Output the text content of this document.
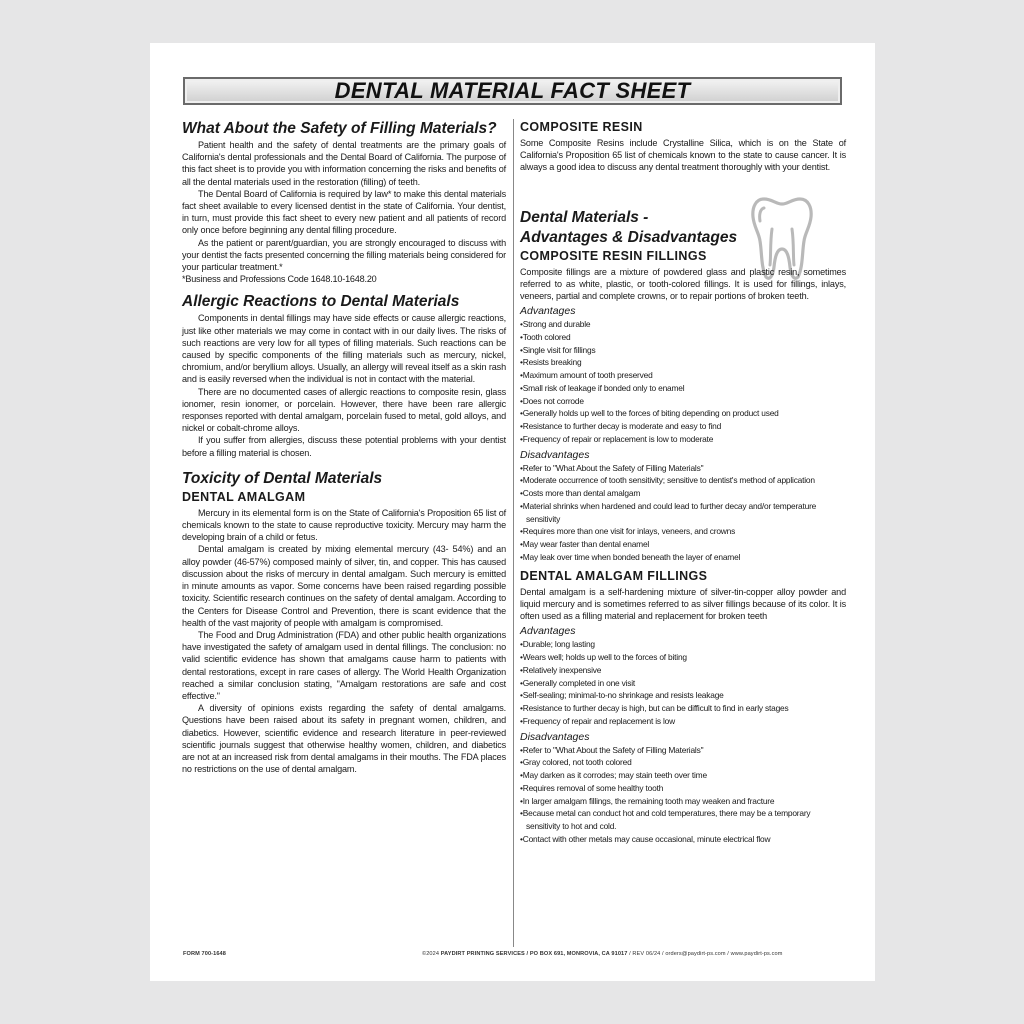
DENTAL MATERIAL FACT SHEET
What About the Safety of Filling Materials?

Patient health and the safety of dental treatments are the primary goals of California's dental professionals and the Dental Board of California. The purpose of this fact sheet is to provide you with information concerning the risks and benefits of all the dental materials used in the restoration (filling) of teeth.

The Dental Board of California is required by law* to make this dental materials fact sheet available to every licensed dentist in the state of California. Your dentist, in turn, must provide this fact sheet to every new patient and all patients of record only once before beginning any dental filling procedure.

As the patient or parent/guardian, you are strongly encouraged to discuss with your dentist the facts presented concerning the filling materials being considered for your particular treatment.*

*Business and Professions Code 1648.10-1648.20

Allergic Reactions to Dental Materials

Components in dental fillings may have side effects or cause allergic reactions, just like other materials we may come in contact with in our daily lives. The risks of such reactions are very low for all types of filling materials. Such reactions can be caused by specific components of the filling materials such as mercury, nickel, chromium, and/or beryllium alloys. Usually, an allergy will reveal itself as a skin rash and is easily reversed when the individual is not in contact with the material.

There are no documented cases of allergic reactions to composite resin, glass ionomer, resin ionomer, or porcelain. However, there have been rare allergic responses reported with dental amalgam, porcelain fused to metal, gold alloys, and nickel or cobalt-chrome alloys.

If you suffer from allergies, discuss these potential problems with your dentist before a filling material is chosen.

Toxicity of Dental Materials
DENTAL AMALGAM

Mercury in its elemental form is on the State of California's Proposition 65 list of chemicals known to the state to cause reproductive toxicity. Mercury may harm the developing brain of a child or fetus.

Dental amalgam is created by mixing elemental mercury (43- 54%) and an alloy powder (46-57%) composed mainly of silver, tin, and copper. This has caused discussion about the risks of mercury in dental amalgam. Such mercury is emitted in minute amounts as vapor. Some concerns have been raised regarding possible toxicity. Scientific research continues on the safety of dental amalgam. According to the Centers for Disease Control and Prevention, there is scant evidence that the health of the vast majority of people with amalgam is compromised.

The Food and Drug Administration (FDA) and other public health organizations have investigated the safety of amalgam used in dental fillings. The conclusion: no valid scientific evidence has shown that amalgams cause harm to patients with dental restorations, except in rare cases of allergy. The World Health Organization reached a similar conclusion stating, "Amalgam restorations are safe and cost effective."

A diversity of opinions exists regarding the safety of dental amalgams. Questions have been raised about its safety in pregnant women, children, and diabetics. However, scientific evidence and research literature in peer-reviewed scientific journals suggest that otherwise healthy women, children, and diabetics are not at an increased risk from dental amalgams in their mouths. The FDA places no restrictions on the use of dental amalgam.

COMPOSITE RESIN

Some Composite Resins include Crystalline Silica, which is on the State of California's Proposition 65 list of chemicals known to the state to cause cancer. It is always a good idea to discuss any dental treatment thoroughly with your dentist.

Dental Materials -
Advantages & Disadvantages
COMPOSITE RESIN FILLINGS

Composite fillings are a mixture of powdered glass and plastic resin, sometimes referred to as white, plastic, or tooth-colored fillings. It is used for fillings, inlays, veneers, partial and complete crowns, or to repair portions of broken teeth.

Advantages
• Strong and durable
• Tooth colored
• Single visit for fillings
• Resists breaking
• Maximum amount of tooth preserved
• Small risk of leakage if bonded only to enamel
• Does not corrode
• Generally holds up well to the forces of biting depending on product used
• Resistance to further decay is moderate and easy to find
• Frequency of repair or replacement is low to moderate
Disadvantages
• Refer to "What About the Safety of Filling Materials"
• Moderate occurrence of tooth sensitivity; sensitive to dentist's method of application
• Costs more than dental amalgam
• Material shrinks when hardened and could lead to further decay and/or temperature sensitivity
• Requires more than one visit for inlays, veneers, and crowns
• May wear faster than dental enamel
• May leak over time when bonded beneath the layer of enamel
DENTAL AMALGAM FILLINGS

Dental amalgam is a self-hardening mixture of silver-tin-copper alloy powder and liquid mercury and is sometimes referred to as silver fillings because of its color. It is often used as a filling material and replacement for broken teeth

Advantages
• Durable; long lasting
• Wears well; holds up well to the forces of biting
• Relatively inexpensive
• Generally completed in one visit
• Self-sealing; minimal-to-no shrinkage and resists leakage
• Resistance to further decay is high, but can be difficult to find in early stages
• Frequency of repair and replacement is low
Disadvantages
• Refer to "What About the Safety of Filling Materials"
• Gray colored, not tooth colored
• May darken as it corrodes; may stain teeth over time
• Requires removal of some healthy tooth
• In larger amalgam fillings, the remaining tooth may weaken and fracture
• Because metal can conduct hot and cold temperatures, there may be a temporary sensitivity to hot and cold.
• Contact with other metals may cause occasional, minute electrical flow
FORM 700-1648	©2024 PAYDIRT PRINTING SERVICES / PO BOX 691, MONROVIA, CA 91017 / REV 06/24 / orders@paydirt-ps.com / www.paydirt-ps.com
